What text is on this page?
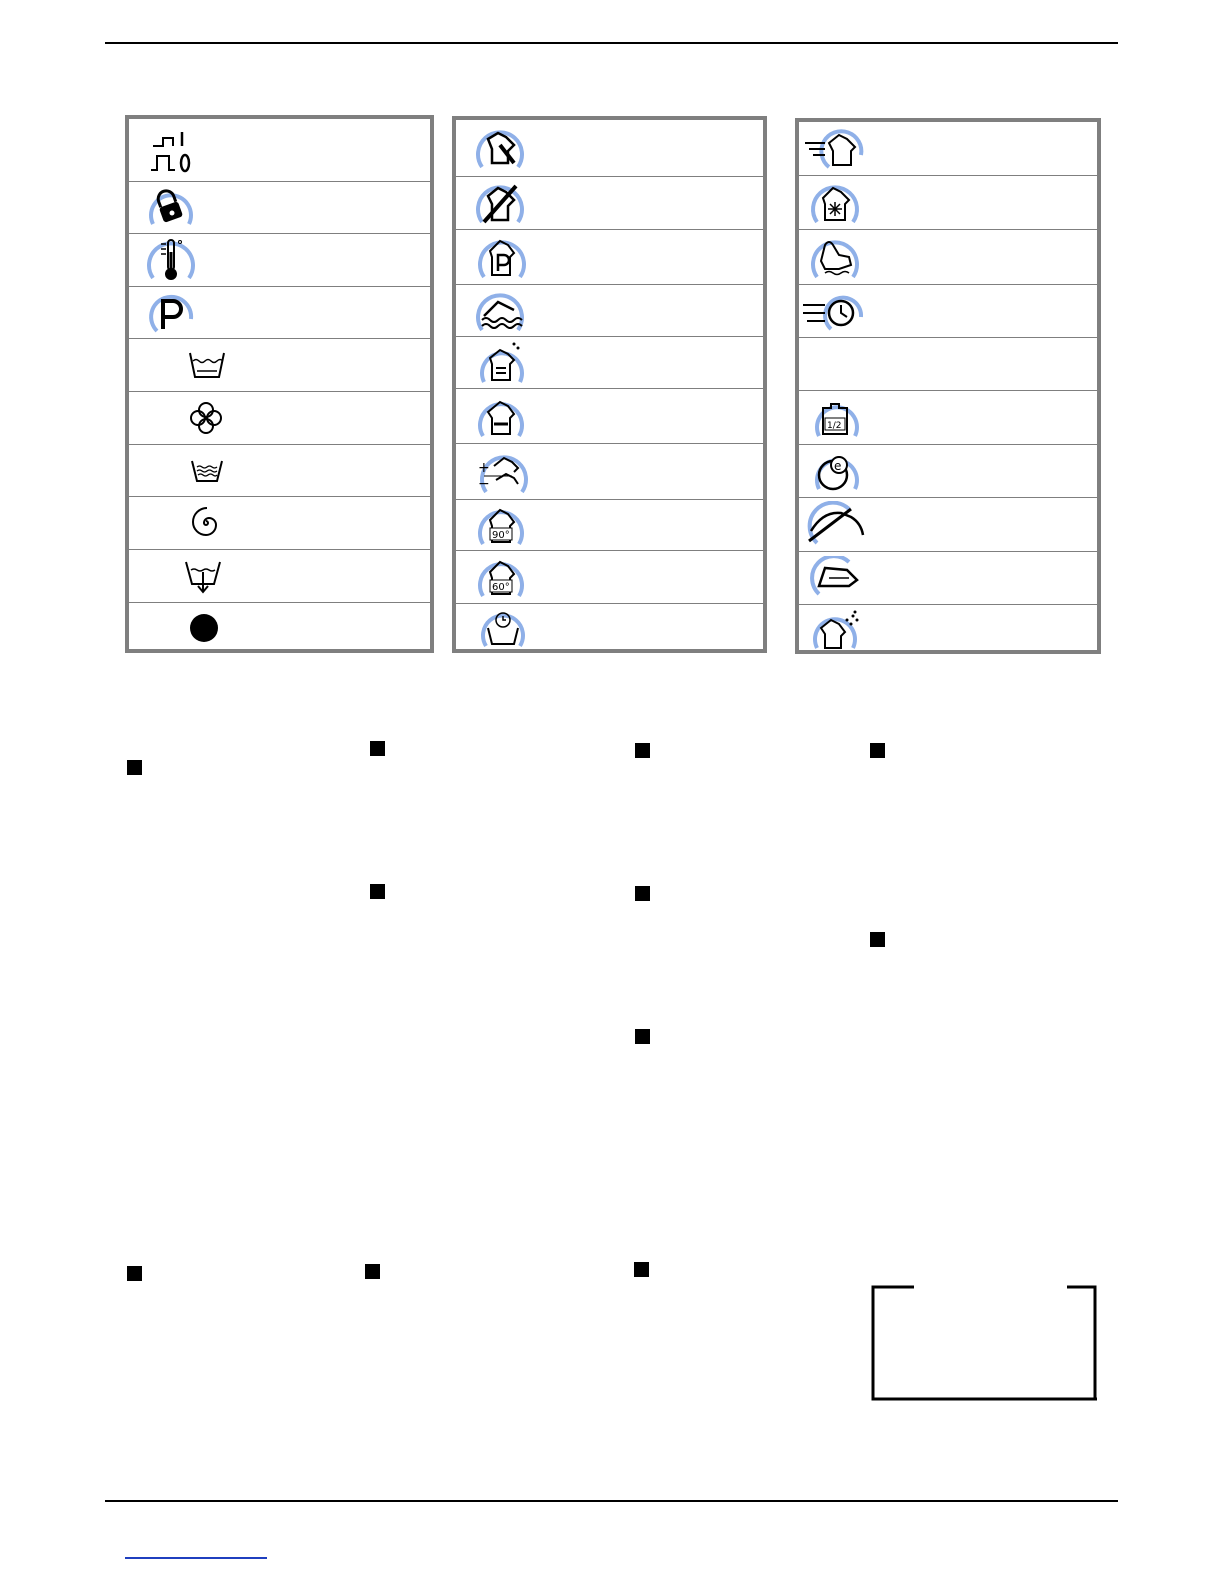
+
−
90°
60°
1/2
e
